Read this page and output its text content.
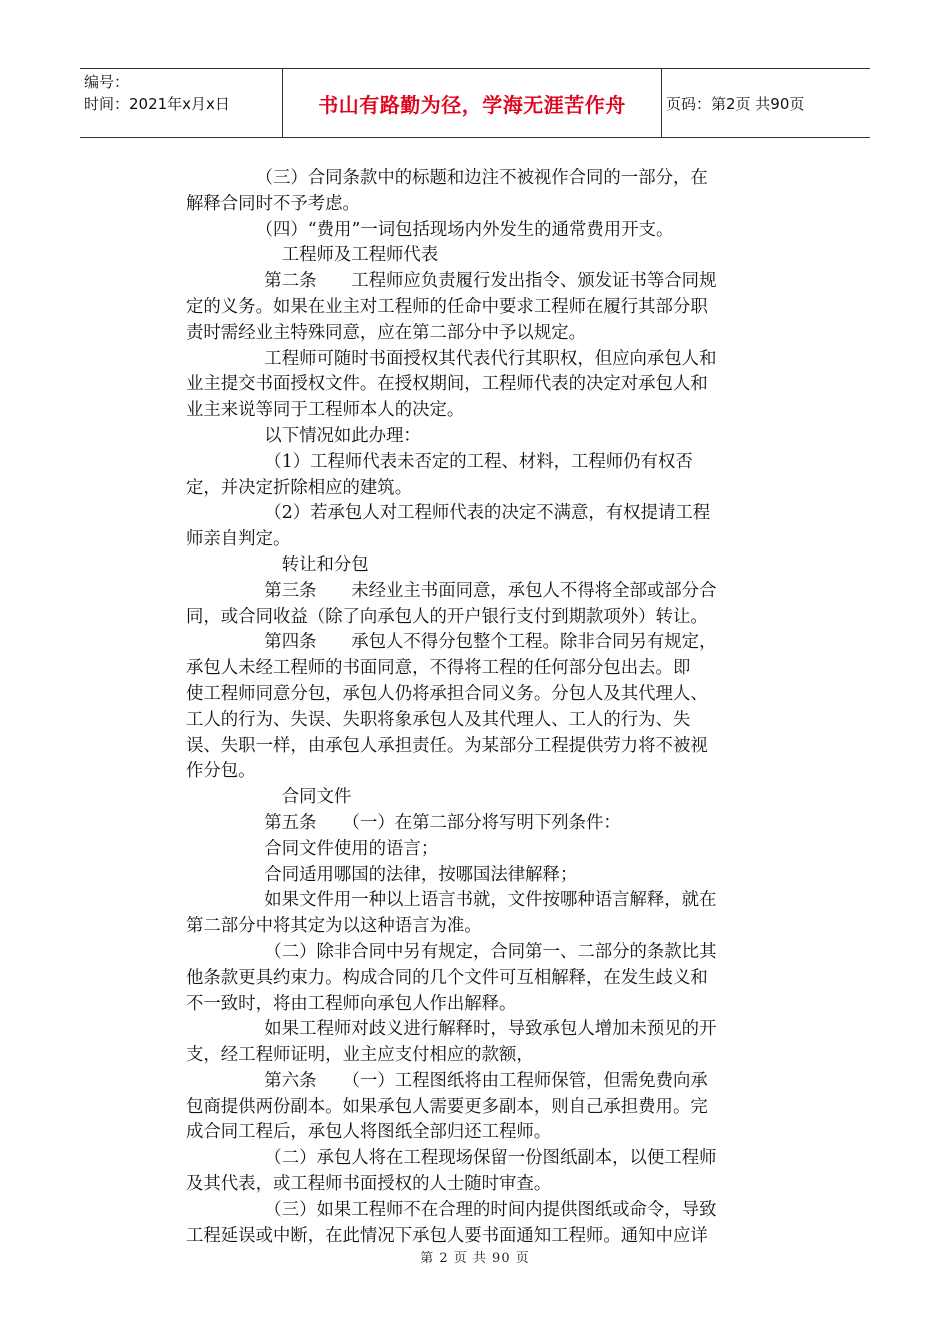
编号：
时间：2021年x月x日	书山有路勤为径，学海无涯苦作舟	页码：第2页 共90页
（三）合同条款中的标题和边注不被视作合同的一部分，在
解释合同时不予考虑。
（四）“费用”一词包括现场内外发生的通常费用开支。
工程师及工程师代表
第二条　　工程师应负责履行发出指令、颁发证书等合同规
定的义务。如果在业主对工程师的任命中要求工程师在履行其部分职
责时需经业主特殊同意，应在第二部分中予以规定。
工程师可随时书面授权其代表代行其职权，但应向承包人和
业主提交书面授权文件。在授权期间，工程师代表的决定对承包人和
业主来说等同于工程师本人的决定。
以下情况如此办理：
（1）工程师代表未否定的工程、材料，工程师仍有权否
定，并决定折除相应的建筑。
（2）若承包人对工程师代表的决定不满意，有权提请工程
师亲自判定。
转让和分包
第三条　　未经业主书面同意，承包人不得将全部或部分合
同，或合同收益（除了向承包人的开户银行支付到期款项外）转让。
第四条　　承包人不得分包整个工程。除非合同另有规定，
承包人未经工程师的书面同意，不得将工程的任何部分包出去。即
使工程师同意分包，承包人仍将承担合同义务。分包人及其代理人、
工人的行为、失误、失职将象承包人及其代理人、工人的行为、失
误、失职一样，由承包人承担责任。为某部分工程提供劳力将不被视
作分包。
合同文件
第五条　　（一）在第二部分将写明下列条件：
合同文件使用的语言；
合同适用哪国的法律，按哪国法律解释；
如果文件用一种以上语言书就，文件按哪种语言解释，就在
第二部分中将其定为以这种语言为准。
（二）除非合同中另有规定，合同第一、二部分的条款比其
他条款更具约束力。构成合同的几个文件可互相解释，在发生歧义和
不一致时，将由工程师向承包人作出解释。
如果工程师对歧义进行解释时，导致承包人增加未预见的开
支，经工程师证明，业主应支付相应的款额，
第六条　　（一）工程图纸将由工程师保管，但需免费向承
包商提供两份副本。如果承包人需要更多副本，则自己承担费用。完
成合同工程后，承包人将图纸全部归还工程师。
（二）承包人将在工程现场保留一份图纸副本，以便工程师
及其代表，或工程师书面授权的人士随时审查。
（三）如果工程师不在合理的时间内提供图纸或命令，导致
工程延误或中断，在此情况下承包人要书面通知工程师。通知中应详
第 2 页 共 90 页
